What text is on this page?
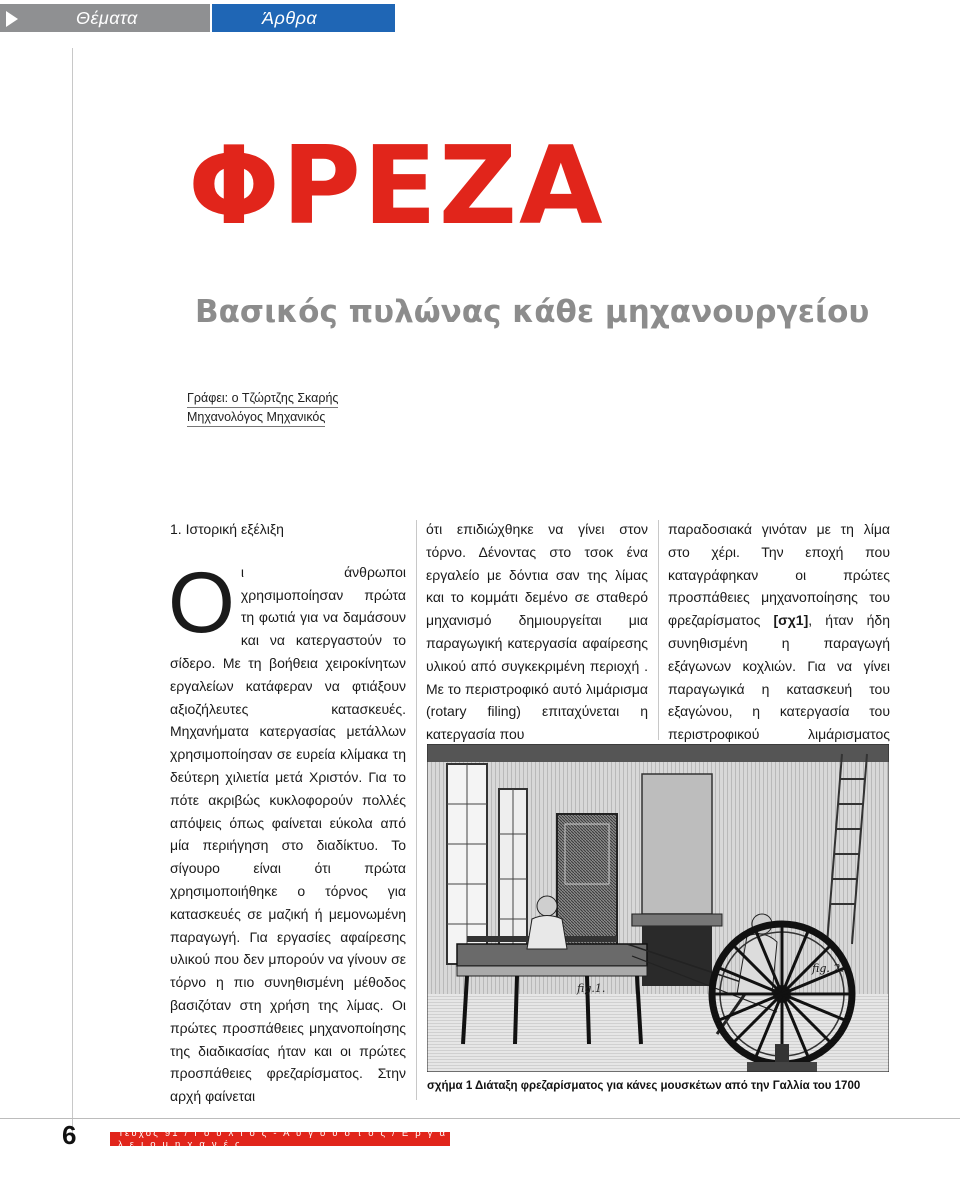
Θέματα	Άρθρα
ΦΡΕΖΑ
Βασικός πυλώνας κάθε μηχανουργείου
Γράφει: ο Τζώρτζης Σκαρής
Μηχανολόγος Μηχανικός
1. Ιστορική εξέλιξη

Οι άνθρωποι χρησιμοποίησαν πρώτα τη φωτιά για να δαμάσουν και να κατεργαστούν το σίδερο. Με τη βοήθεια χειροκίνητων εργαλείων κατάφεραν να φτιάξουν αξιοζήλευτες κατασκευές. Μηχανήματα κατεργασίας μετάλλων χρησιμοποίησαν σε ευρεία κλίμακα τη δεύτερη χιλιετία μετά Χριστόν. Για το πότε ακριβώς κυκλοφορούν πολλές απόψεις όπως φαίνεται εύκολα από μία περιήγηση στο διαδίκτυο. Το σίγουρο είναι ότι πρώτα χρησιμοποιήθηκε ο τόρνος για κατασκευές σε μαζική ή μεμονωμένη παραγωγή. Για εργασίες αφαίρεσης υλικού που δεν μπορούν να γίνουν σε τόρνο η πιο συνηθισμένη μέθοδος βασιζόταν στη χρήση της λίμας. Οι πρώτες προσπάθειες μηχανοποίησης της διαδικασίας ήταν και οι πρώτες προσπάθειες φρεζαρίσματος. Στην αρχή φαίνεται

ότι επιδιώχθηκε να γίνει στον τόρνο. Δένοντας στο τσοκ ένα εργαλείο με δόντια σαν της λίμας και το κομμάτι δεμένο σε σταθερό μηχανισμό δημιουργείται μια παραγωγική κατεργασία αφαίρεσης υλικού από συγκεκριμένη περιοχή . Με το περιστροφικό αυτό λιμάρισμα (rotary filing) επιταχύνεται η κατεργασία που

παραδοσιακά γινόταν με τη λίμα στο χέρι. Την εποχή που καταγράφηκαν οι πρώτες προσπάθειες μηχανοποίησης του φρεζαρίσματος [σχ1], ήταν ήδη συνηθισμένη η παραγωγή εξάγωνων κοχλιών. Για να γίνει παραγωγικά η κατασκευή του εξαγώνου, η κατεργασία του περιστροφικού λιμάρισματος

fig.1.
fig. 2.
σχήμα 1 Διάταξη φρεζαρίσματος για κάνες μουσκέτων από την Γαλλία του 1700
6	Τεύχος 91 / Ι ο ύ λ ι ο ς - Α ύ γ ο υ σ τ ο ς / Ε ρ γ α λ ε ι ο μ η χ α ν έ ς
